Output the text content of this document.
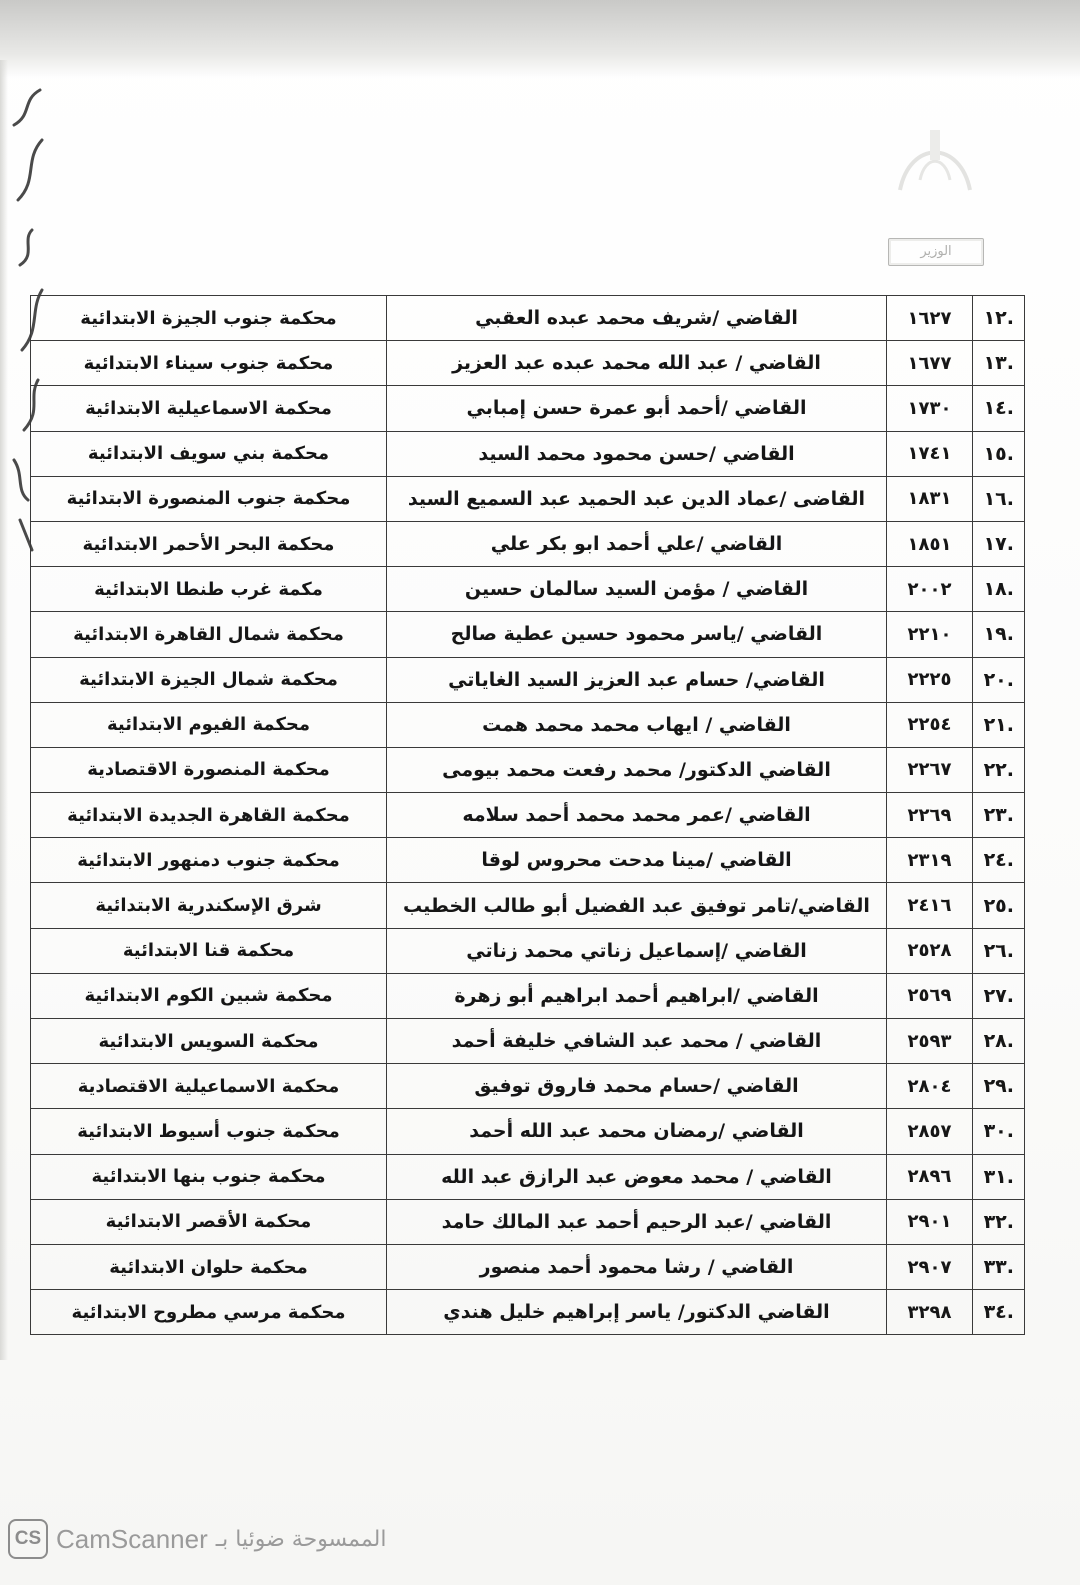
الوزير
.١٢	١٦٢٧	القاضي /شريف محمد عبده العقبي	محكمة جنوب الجيزة الابتدائية
.١٣	١٦٧٧	القاضي / عبد الله محمد عبده عبد العزيز	محكمة جنوب سيناء الابتدائية
.١٤	١٧٣٠	القاضي /أحمد أبو عمرة حسن إمبابي	محكمة الاسماعيلية الابتدائية
.١٥	١٧٤١	القاضي /حسن محمود محمد السيد	محكمة بني سويف الابتدائية
.١٦	١٨٣١	القاضى /عماد الدين عبد الحميد عبد السميع السيد	محكمة جنوب المنصورة الابتدائية
.١٧	١٨٥١	القاضي /علي أحمد ابو بكر علي	محكمة البحر الأحمر الابتدائية
.١٨	٢٠٠٢	القاضي / مؤمن السيد سالمان حسين	مكمة غرب طنطا الابتدائية
.١٩	٢٢١٠	القاضي /ياسر محمود حسين عطية صالح	محكمة شمال القاهرة الابتدائية
.٢٠	٢٢٢٥	القاضي/ حسام عبد العزيز السيد الغاياتي	محكمة شمال الجيزة الابتدائية
.٢١	٢٢٥٤	القاضي / ايهاب محمد محمد همت	محكمة الفيوم الابتدائية
.٢٢	٢٢٦٧	القاضي الدكتور/ محمد رفعت محمد بيومى	محكمة المنصورة الاقتصادية
.٢٣	٢٢٦٩	القاضي /عمر محمد محمد أحمد سلامه	محكمة القاهرة الجديدة الابتدائية
.٢٤	٢٣١٩	القاضي /مينا مدحت محروس لوقا	محكمة جنوب دمنهور الابتدائية
.٢٥	٢٤١٦	القاضي/تامر توفيق عبد الفضيل أبو طالب الخطيب	شرق الإسكندرية الابتدائية
.٢٦	٢٥٢٨	القاضي /إسماعيل زناتي محمد زناتي	محكمة قنا الابتدائية
.٢٧	٢٥٦٩	القاضي /ابراهيم أحمد ابراهيم أبو زهرة	محكمة شبين الكوم الابتدائية
.٢٨	٢٥٩٣	القاضي / محمد عبد الشافي خليفة أحمد	محكمة السويس الابتدائية
.٢٩	٢٨٠٤	القاضي /حسام محمد فاروق توفيق	محكمة الاسماعيلية الاقتصادية
.٣٠	٢٨٥٧	القاضي /رمضان محمد عبد الله أحمد	محكمة جنوب أسيوط الابتدائية
.٣١	٢٨٩٦	القاضي / محمد معوض عبد الرازق عبد الله	محكمة جنوب بنها الابتدائية
.٣٢	٢٩٠١	القاضي /عبد الرحيم أحمد عبد المالك حامد	محكمة الأقصر الابتدائية
.٣٣	٢٩٠٧	القاضي / رشا محمود أحمد منصور	محكمة حلوان الابتدائية
.٣٤	٣٢٩٨	القاضي الدكتور/ ياسر إبراهيم خليل هندي	محكمة مرسي مطروح الابتدائية
CS CamScanner الممسوحة ضوئيا بـ
